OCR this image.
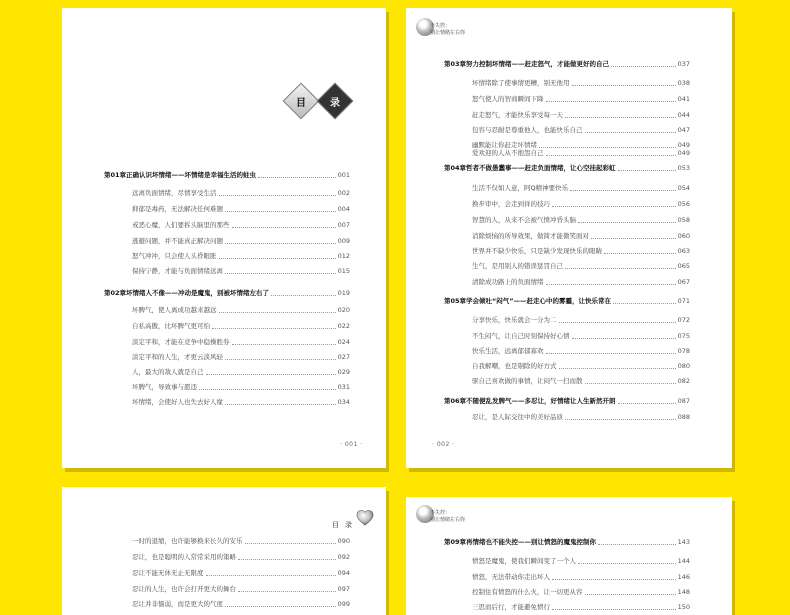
目	录
第01章正确认识坏情绪——坏情绪是幸福生活的蛀虫	001
远离负面情绪，尽情享受生活	002
抑郁是毒药，无法解决任何难题	004
戒恶心魔，人们要拆头脑里的那些	007
逃避问题，并不能真正解决问题	009
怒气冲冲，只会使人头昏眼胀	012
保持宁静，才能与负面情绪远离	015
第02章坏情绪人不像——冲动是魔鬼，别被坏情绪左右了	019
坏脾气，使人离成功越来越远	020
自私高傲，比坏脾气更可怕	022
淡定平和，才能在竞争中稳操胜券	024
淡定平和的人生，才更云淡风轻	027
人，最大的敌人就是自己	029
坏脾气，导致事与愿违	031
坏情绪，会使好人也失去好人缘	034
· 001 ·
不失控：
别让情绪左右你
第03章努力控制坏情绪——赶走怒气，才能做更好的自己	037
坏情绪除了使事情更糟，别无他用	038
怒气使人的智商瞬间下降	041
赶走怒气，才能快乐享受每一天	044
包容与忍耐是尊重他人，也能快乐自己	047
幽默能让你赶走坏情绪	049
爱欢迎的人从不抱怨自己	049
第04章哲者不做愚蠢事——赶走负面情绪，让心空挂起彩虹	053
生活不仅如人意，阿Q精神要快乐	054
换步审中，会走到祥的技巧	056
智慧的人，从来不会被气愤冲昏头脑	058
消除烦恼的所导效果，做简才能微笑面对	060
世界并不缺少快乐，只是缺少发现快乐的眼睛	063
生气，是用别人的错误惩罚自己	065
清除成功路上的负面情绪	067
第05章学会倾吐“闷气”——赶走心中的雾霾，让快乐常在	071
分享快乐，快乐就会一分为二	072
不生闷气，让自己时刻保持好心情	075
快乐生活，远离郁郁寡欢	078
自我解嘲，也是剔除的好方式	080
驱自己喜欢做的事情，让闷气一扫而散	082
第06章不随便乱发脾气——多忍让，好情绪让人生新然开朗	087
忍让，是人际交往中的美好品质	088
· 002 ·
目录
一时的退缩，也许能够换来长久的安乐	090
忍让，也是聪明的人常常采用的策略	092
忍让不能无休无止无限度	094
忍让的人生，也许会打开更大的舞台	097
忍让并非懦弱，而是更大的气度	099
不失控：
别让情绪左右你
第09章再情绪也不能失控——别让愤怒的魔鬼控制你	143
愤怒是魔鬼，使我们瞬间变了一个人	144
愤怒，无法带动你走出坏人	146
控制住有愤怒的什么火，让一切更从容	148
三思而后行，才能避免愤行	150
